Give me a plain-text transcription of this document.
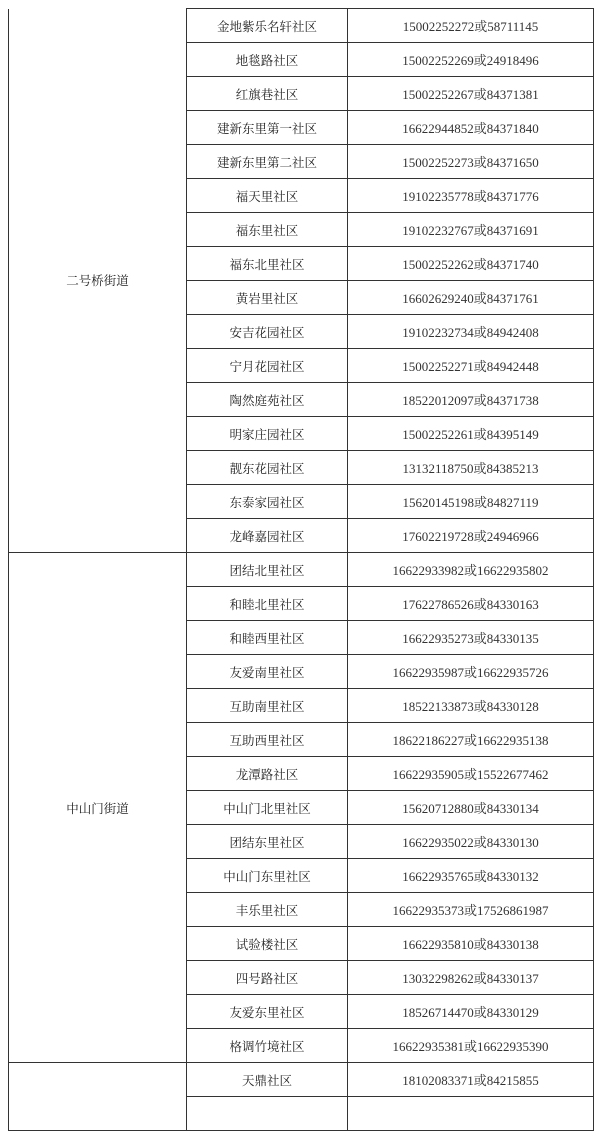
二号桥街道	金地紫乐名轩社区	15002252272或58711145
	地毯路社区	15002252269或24918496
	红旗巷社区	15002252267或84371381
	建新东里第一社区	16622944852或84371840
	建新东里第二社区	15002252273或84371650
	福天里社区	19102235778或84371776
	福东里社区	19102232767或84371691
	福东北里社区	15002252262或84371740
	黄岩里社区	16602629240或84371761
	安吉花园社区	19102232734或84942408
	宁月花园社区	15002252271或84942448
	陶然庭苑社区	18522012097或84371738
	明家庄园社区	15002252261或84395149
	靓东花园社区	13132118750或84385213
	东泰家园社区	15620145198或84827119
	龙峰嘉园社区	17602219728或24946966
中山门街道	团结北里社区	16622933982或16622935802
	和睦北里社区	17622786526或84330163
	和睦西里社区	16622935273或84330135
	友爱南里社区	16622935987或16622935726
	互助南里社区	18522133873或84330128
	互助西里社区	18622186227或16622935138
	龙潭路社区	16622935905或15522677462
	中山门北里社区	15620712880或84330134
	团结东里社区	16622935022或84330130
	中山门东里社区	16622935765或84330132
	丰乐里社区	16622935373或17526861987
	试验楼社区	16622935810或84330138
	四号路社区	13032298262或84330137
	友爱东里社区	18526714470或84330129
	格调竹境社区	16622935381或16622935390
	天鼎社区	18102083371或84215855
